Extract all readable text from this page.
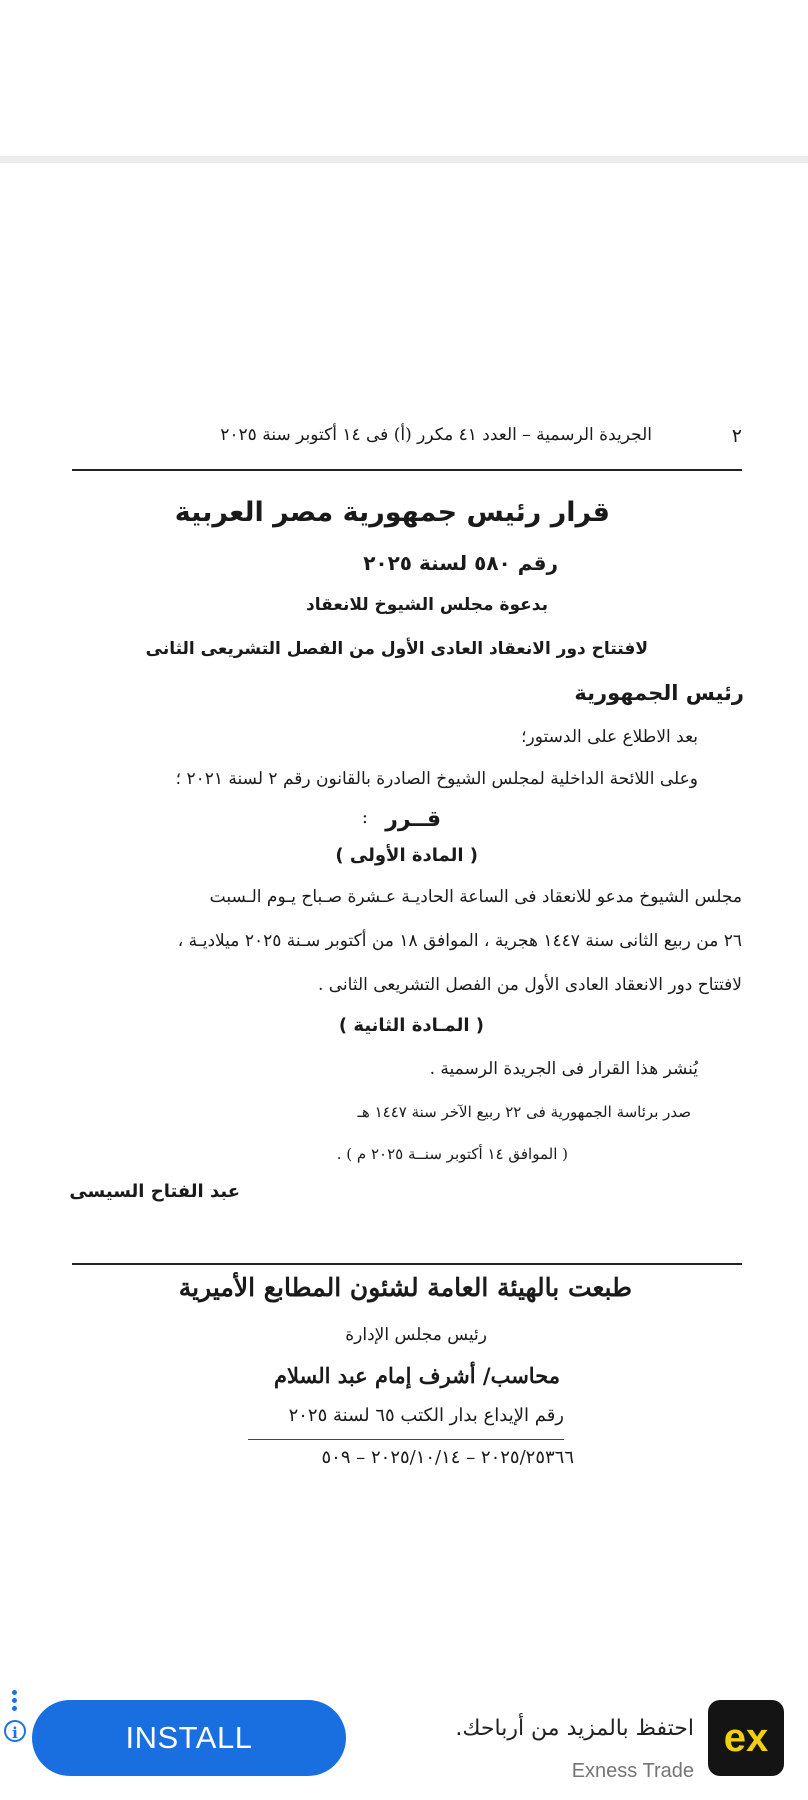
٢
الجريدة الرسمية – العدد ٤١ مكرر (أ) فى ١٤ أكتوبر سنة ٢٠٢٥
قرار رئيس جمهورية مصر العربية
رقم ٥٨٠ لسنة ٢٠٢٥
بدعوة مجلس الشيوخ للانعقاد
لافتتاح دور الانعقاد العادى الأول من الفصل التشريعى الثانى
رئيس الجمهورية
بعد الاطلاع على الدستور؛
وعلى اللائحة الداخلية لمجلس الشيوخ الصادرة بالقانون رقم ٢ لسنة ٢٠٢١ ؛
قــرر
:
( المادة الأولى )
مجلس الشيوخ مدعو للانعقاد فى الساعة الحاديـة عـشرة صـباح يـوم الـسبت
٢٦ من ربيع الثانى سنة ١٤٤٧ هجرية ، الموافق ١٨ من أكتوبر سـنة ٢٠٢٥ ميلاديـة ،
لافتتاح دور الانعقاد العادى الأول من الفصل التشريعى الثانى .
( المـادة الثانية )
يُنشر هذا القرار فى الجريدة الرسمية .
صدر برئاسة الجمهورية فى ٢٢ ربيع الآخر سنة ١٤٤٧ هـ
( الموافق ١٤ أكتوبر سنــة ٢٠٢٥ م ) .
عبد الفتاح السيسى
طبعت بالهيئة العامة لشئون المطابع الأميرية
رئيس مجلس الإدارة
محاسب/ أشرف إمام عبد السلام
رقم الإيداع بدار الكتب ٦٥ لسنة ٢٠٢٥
٢٠٢٥/٢٥٣٦٦ – ٢٠٢٥/١٠/١٤ – ٥٠٩
i	INSTALL	احتفظ بالمزيد من أرباحك.
Exness Trade
ex
